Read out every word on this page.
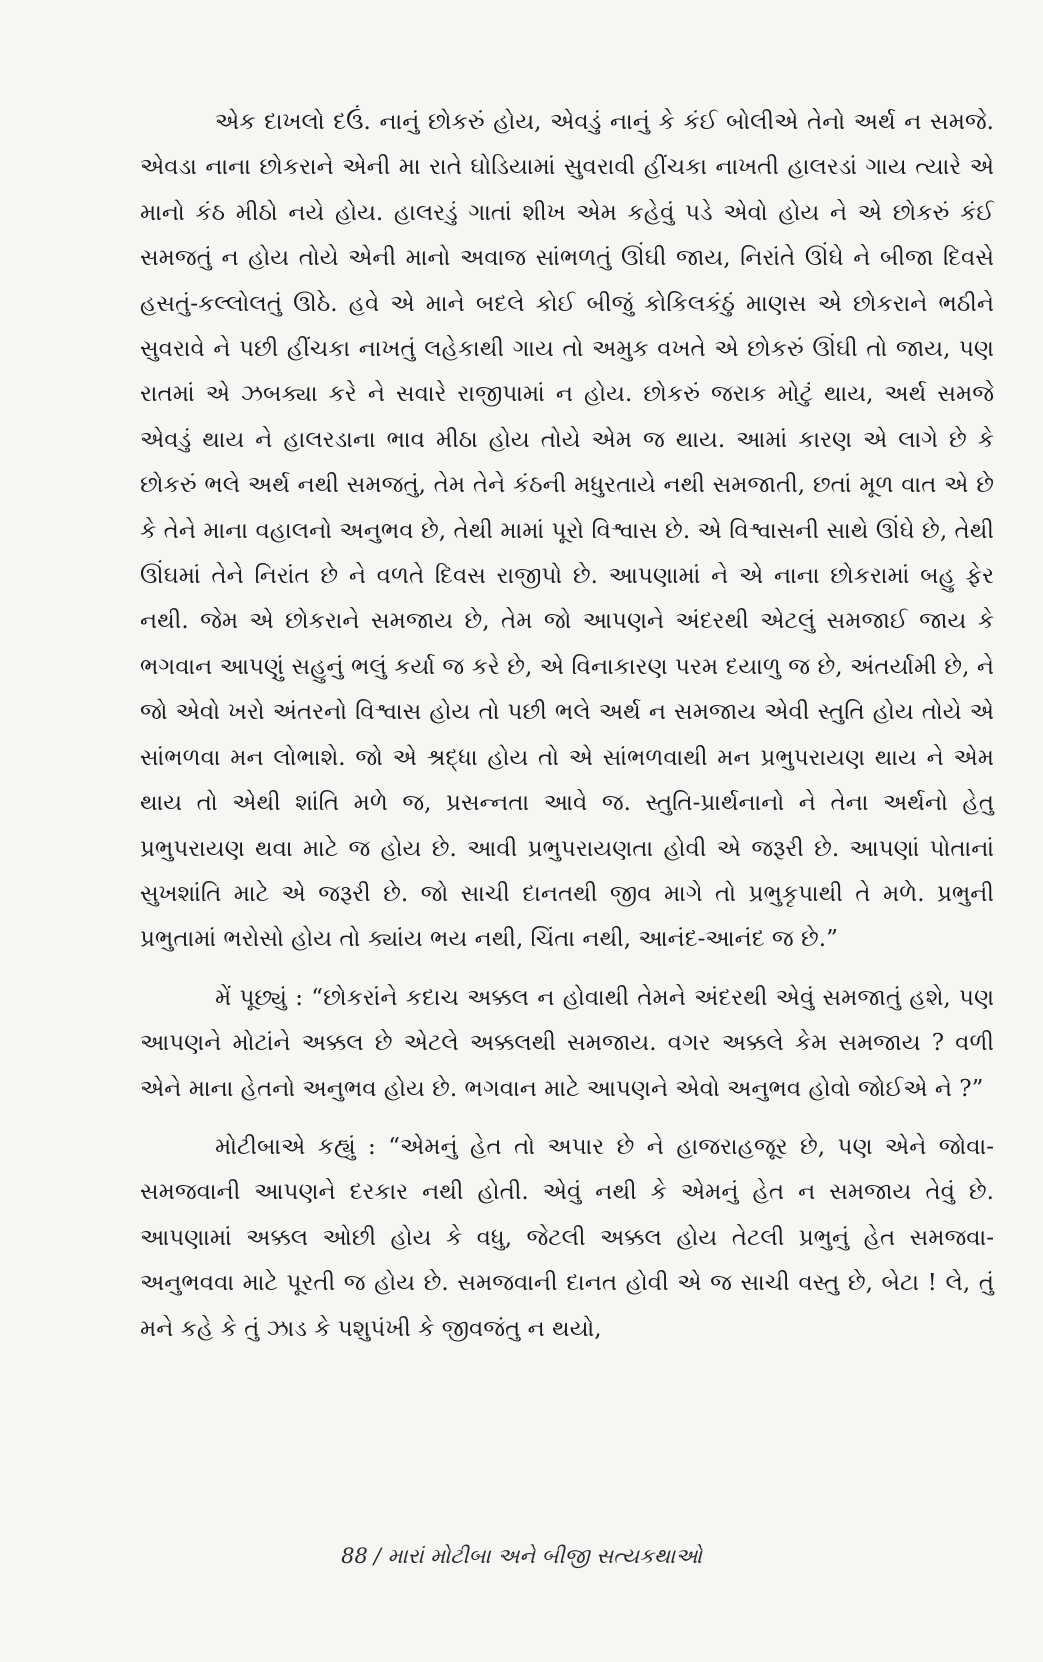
એક દાખલો દઉં. નાનું છોકરું હોય, એવડું નાનું કે કંઈ બોલીએ તેનો અર્થ ન સમજે. એવડા નાના છોકરાને એની મા રાતે ઘોડિયામાં સુવરાવી હીંચકા નાખતી હાલરડાં ગાય ત્યારે એ માનો કંઠ મીઠો નયે હોય. હાલરડું ગાતાં શીખ એમ કહેવું પડે એવો હોય ને એ છોકરું કંઈ સમજતું ન હોય તોયે એની માનો અવાજ સાંભળતું ઊંઘી જાય, નિરાંતે ઊંઘે ને બીજા દિવસે હસતું-કલ્લોલતું ઊઠે. હવે એ માને બદલે કોઈ બીજું કોકિલકંઠું માણસ એ છોકરાને ભઠીને સુવરાવે ને પછી હીંચકા નાખતું લહેકાથી ગાય તો અમુક વખતે એ છોકરું ઊંઘી તો જાય, પણ રાતમાં એ ઝબક્યા કરે ને સવારે રાજીપામાં ન હોય. છોકરું જરાક મોટું થાય, અર્થ સમજે એવડું થાય ને હાલરડાના ભાવ મીઠા હોય તોયે એમ જ થાય. આમાં કારણ એ લાગે છે કે છોકરું ભલે અર્થ નથી સમજતું, તેમ તેને કંઠની મધુરતાયે નથી સમજાતી, છતાં મૂળ વાત એ છે કે તેને માના વહાલનો અનુભવ છે, તેથી મામાં પૂરો વિશ્વાસ છે. એ વિશ્વાસની સાથે ઊંઘે છે, તેથી ઊંઘમાં તેને નિરાંત છે ને વળતે દિવસ રાજીપો છે. આપણામાં ને એ નાના છોકરામાં બહુ ફેર નથી. જેમ એ છોકરાને સમજાય છે, તેમ જો આપણને અંદરથી એટલું સમજાઈ જાય કે ભગવાન આપણું સહુનું ભલું કર્યા જ કરે છે, એ વિનાકારણ પરમ દયાળુ જ છે, અંતર્યામી છે, ને જો એવો ખરો અંતરનો વિશ્વાસ હોય તો પછી ભલે અર્થ ન સમજાય એવી સ્તુતિ હોય તોયે એ સાંભળવા મન લોભાશે. જો એ શ્રદ્ધા હોય તો એ સાંભળવાથી મન પ્રભુપરાયણ થાય ને એમ થાય તો એથી શાંતિ મળે જ, પ્રસન્નતા આવે જ. સ્તુતિ-પ્રાર્થનાનો ને તેના અર્થનો હેતુ પ્રભુપરાયણ થવા માટે જ હોય છે. આવી પ્રભુપરાયણતા હોવી એ જરૂરી છે. આપણાં પોતાનાં સુખશાંતિ માટે એ જરૂરી છે. જો સાચી દાનતથી જીવ માગે તો પ્રભુકૃપાથી તે મળે. પ્રભુની પ્રભુતામાં ભરોસો હોય તો ક્યાંય ભય નથી, ચિંતા નથી, આનંદ-આનંદ જ છે.”

મેં પૂછ્યું : “છોકરાંને કદાચ અક્કલ ન હોવાથી તેમને અંદરથી એવું સમજાતું હશે, પણ આપણને મોટાંને અક્કલ છે એટલે અક્કલથી સમજાય. વગર અક્કલે કેમ સમજાય ? વળી એને માના હેતનો અનુભવ હોય છે. ભગવાન માટે આપણને એવો અનુભવ હોવો જોઈએ ને ?”

મોટીબાએ કહ્યું : “એમનું હેત તો અપાર છે ને હાજરાહજૂર છે, પણ એને જોવા-સમજવાની આપણને દરકાર નથી હોતી. એવું નથી કે એમનું હેત ન સમજાય તેવું છે. આપણામાં અક્કલ ઓછી હોય કે વધુ, જેટલી અક્કલ હોય તેટલી પ્રભુનું હેત સમજવા-અનુભવવા માટે પૂરતી જ હોય છે. સમજવાની દાનત હોવી એ જ સાચી વસ્તુ છે, બેટા ! લે, તું મને કહે કે તું ઝાડ કે પશુપંખી કે જીવજંતુ ન થયો,

88 / મારાં મોટીબા અને બીજી સત્યકથાઓ
